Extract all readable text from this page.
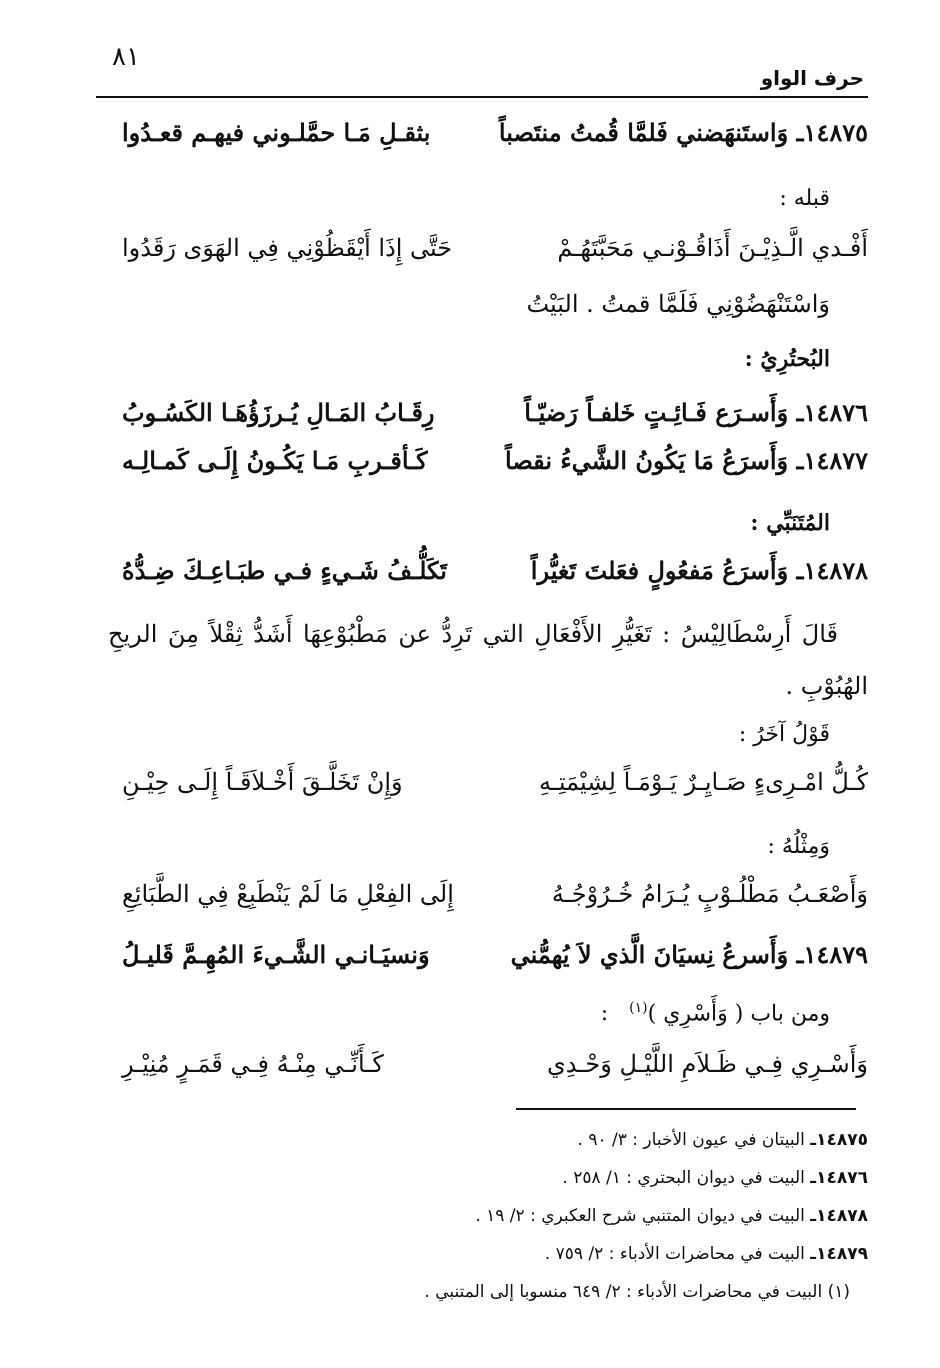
٨١
حرف الواو
١٤٨٧٥ـ وَاستَنهَضني فَلمَّا قُمتُ منتَصباً
بثقـلِ مَـا حمَّلـوني فيهـم قعـدُوا
قبله :
أَفْـدي الَّـذِيْـنَ أَذَاقُـوْنـي مَحَبَّتَهُـمْ
حَتَّى إِذَا أَيْقَظُوْنِي فِي الهَوَى رَقَدُوا
وَاسْتَنْهَضُوْنِي فَلَمَّا قمتُ . البَيْتُ
البُحتُرِيُ :
١٤٨٧٦ـ وَأَسـرَع فَـائِـتٍ خَلفـاً رَضيّـاً
رِقَـابُ المَـالِ يُـرزَؤُهَـا الكَسُـوبُ
١٤٨٧٧ـ وَأَسرَعُ مَا يَكُونُ الشَّيءُ نقصاً
كَـأقـربِ مَـا يَكُـونُ إِلَـى كَمـالِـه
المُتَنَبِّي :
١٤٨٧٨ـ وَأَسرَعُ مَفعُولٍ فعَلتَ تَغيُّراً
تَكَلُّـفُ شَـيءٍ فـي طبَـاعِـكَ ضِـدُّهُ
قَالَ أَرِسْطَالِيْسُ : تَغَيُّرِ الأَفْعَالِ التي تَرِدُّ عن مَطْبُوْعِهَا أَشَدُّ ثِقْلاً مِنَ الريحِ الهُبُوْبِ .
قَوْلُ آخَرُ :
كُـلُّ امْـرِىءٍ صَـايِـرٌ يَـوْمَـاً لِشِيْمَتِـهِ
وَإِنْ تَخَلَّـقَ أَخْـلاَقَـاً إِلَـى حِيْـنِ
وَمِثْلُهُ :
وَأَصْعَـبُ مَطْلُـوْبٍ يُـرَامُ خُـرُوْجُـهُ
إِلَى الفِعْلِ مَا لَمْ يَنْطَبِعْ فِي الطَّبَائِعِ
١٤٨٧٩ـ وَأَسرعُ نِسيَانَ الَّذي لاَ يُهمُّني
وَنسيَـانـي الشَّـيءَ المُهِـمَّ قَليـلُ
ومن باب ( وَأَسْرِي )$^{(١)}$ :
وَأَسْـرِي فِـي ظَـلاَمِ اللَّيْـلِ وَحْـدِي
كَـأَنِّـي مِنْـهُ فِـي قَمَـرٍ مُنِيْـرِ
١٤٨٧٥ـ البيتان في عيون الأخبار : ٣/ ٩٠ .
١٤٨٧٦ـ البيت في ديوان البحتري : ١/ ٢٥٨ .
١٤٨٧٨ـ البيت في ديوان المتنبي شرح العكبري : ٢/ ١٩ .
١٤٨٧٩ـ البيت في محاضرات الأدباء : ٢/ ٧٥٩ .
(١) البيت في محاضرات الأدباء : ٢/ ٦٤٩ منسوبا إلى المتنبي .
